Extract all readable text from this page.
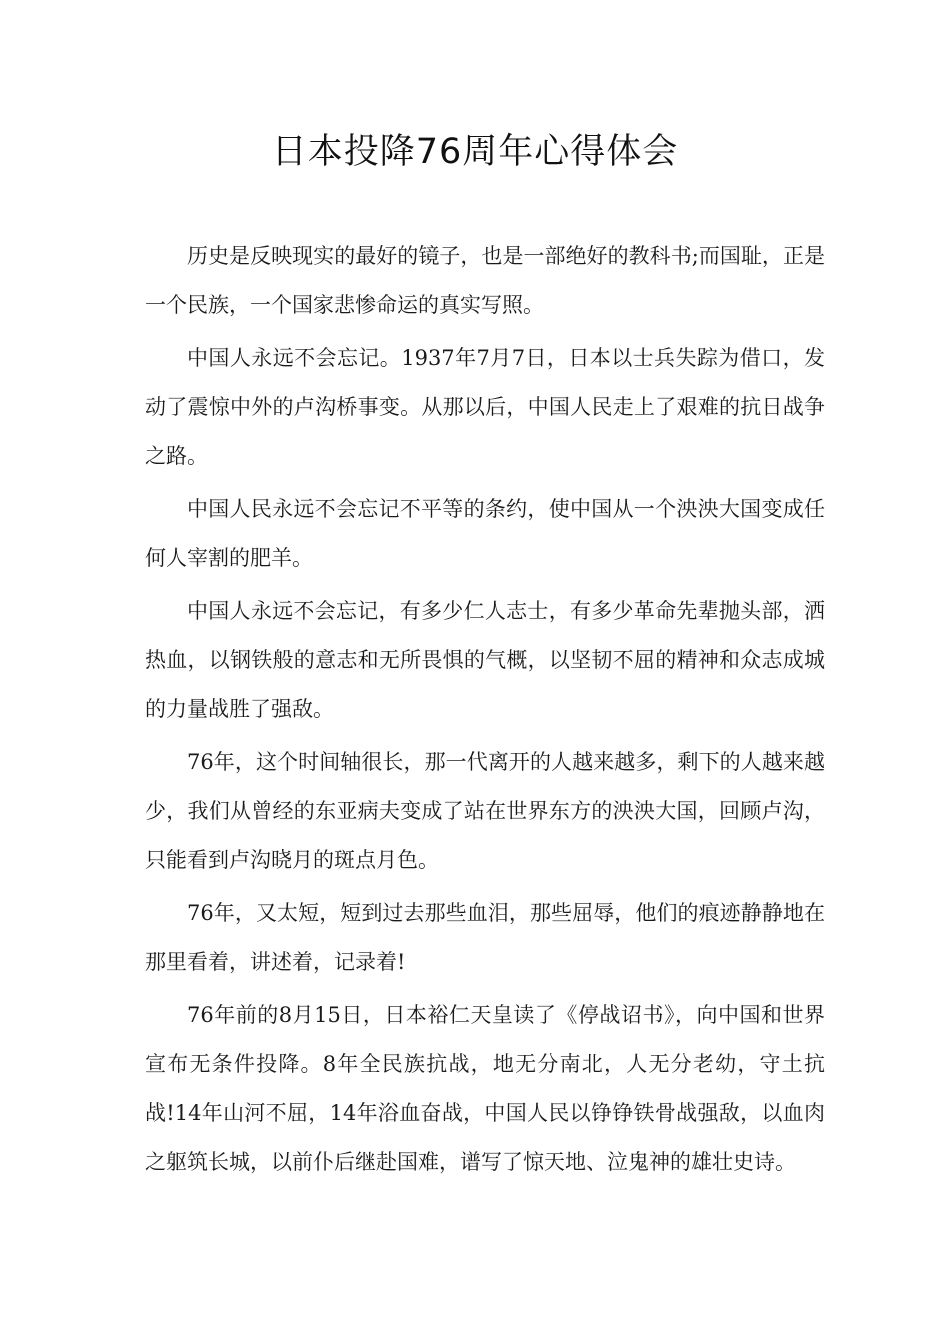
日本投降76周年心得体会

历史是反映现实的最好的镜子，也是一部绝好的教科书;而国耻，正是一个民族，一个国家悲惨命运的真实写照。

中国人永远不会忘记。1937年7月7日，日本以士兵失踪为借口，发动了震惊中外的卢沟桥事变。从那以后，中国人民走上了艰难的抗日战争之路。

中国人民永远不会忘记不平等的条约，使中国从一个泱泱大国变成任何人宰割的肥羊。

中国人永远不会忘记，有多少仁人志士，有多少革命先辈抛头部，洒热血，以钢铁般的意志和无所畏惧的气概，以坚韧不屈的精神和众志成城的力量战胜了强敌。

76年，这个时间轴很长，那一代离开的人越来越多，剩下的人越来越少，我们从曾经的东亚病夫变成了站在世界东方的泱泱大国，回顾卢沟，只能看到卢沟晓月的斑点月色。

76年，又太短，短到过去那些血泪，那些屈辱，他们的痕迹静静地在那里看着，讲述着，记录着!

76年前的8月15日，日本裕仁天皇读了《停战诏书》，向中国和世界宣布无条件投降。8年全民族抗战，地无分南北，人无分老幼，守土抗战!14年山河不屈，14年浴血奋战，中国人民以铮铮铁骨战强敌，以血肉之躯筑长城，以前仆后继赴国难，谱写了惊天地、泣鬼神的雄壮史诗。
